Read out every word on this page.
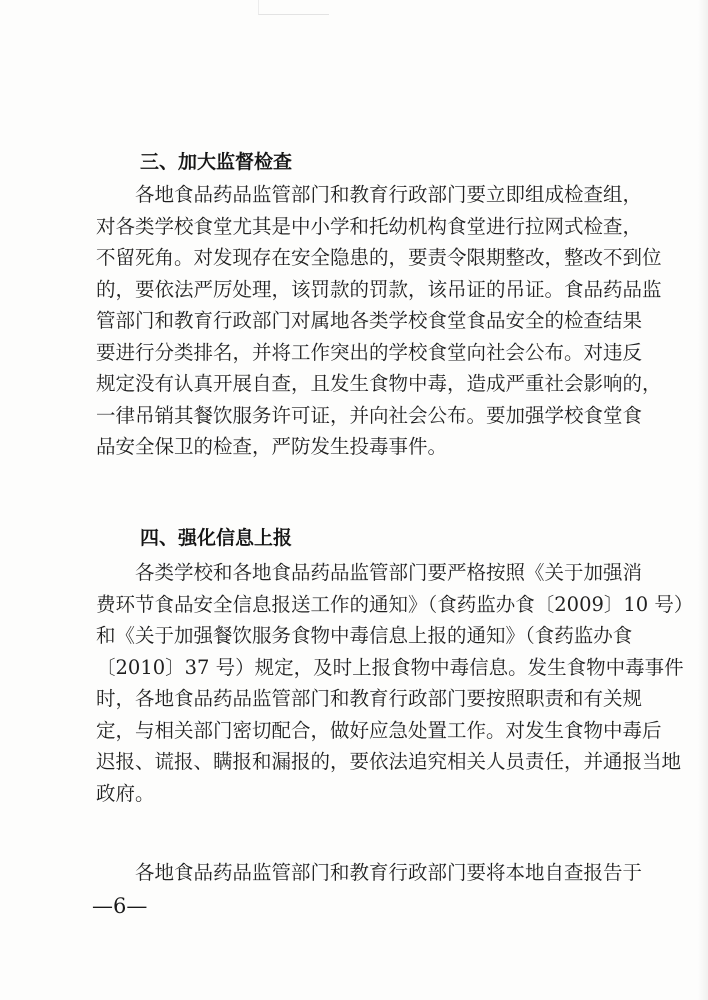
三、加大监督检查
　　各地食品药品监管部门和教育行政部门要立即组成检查组，
对各类学校食堂尤其是中小学和托幼机构食堂进行拉网式检查，
不留死角。对发现存在安全隐患的，要责令限期整改，整改不到位
的，要依法严厉处理，该罚款的罚款，该吊证的吊证。食品药品监
管部门和教育行政部门对属地各类学校食堂食品安全的检查结果
要进行分类排名，并将工作突出的学校食堂向社会公布。对违反
规定没有认真开展自查，且发生食物中毒，造成严重社会影响的，
一律吊销其餐饮服务许可证，并向社会公布。要加强学校食堂食
品安全保卫的检查，严防发生投毒事件。
四、强化信息上报
　　各类学校和各地食品药品监管部门要严格按照《关于加强消
费环节食品安全信息报送工作的通知》（食药监办食〔2009〕10 号）
和《关于加强餐饮服务食物中毒信息上报的通知》（食药监办食
〔2010〕37 号）规定，及时上报食物中毒信息。发生食物中毒事件
时，各地食品药品监管部门和教育行政部门要按照职责和有关规
定，与相关部门密切配合，做好应急处置工作。对发生食物中毒后
迟报、谎报、瞒报和漏报的，要依法追究相关人员责任，并通报当地
政府。
　　各地食品药品监管部门和教育行政部门要将本地自查报告于
—6—
